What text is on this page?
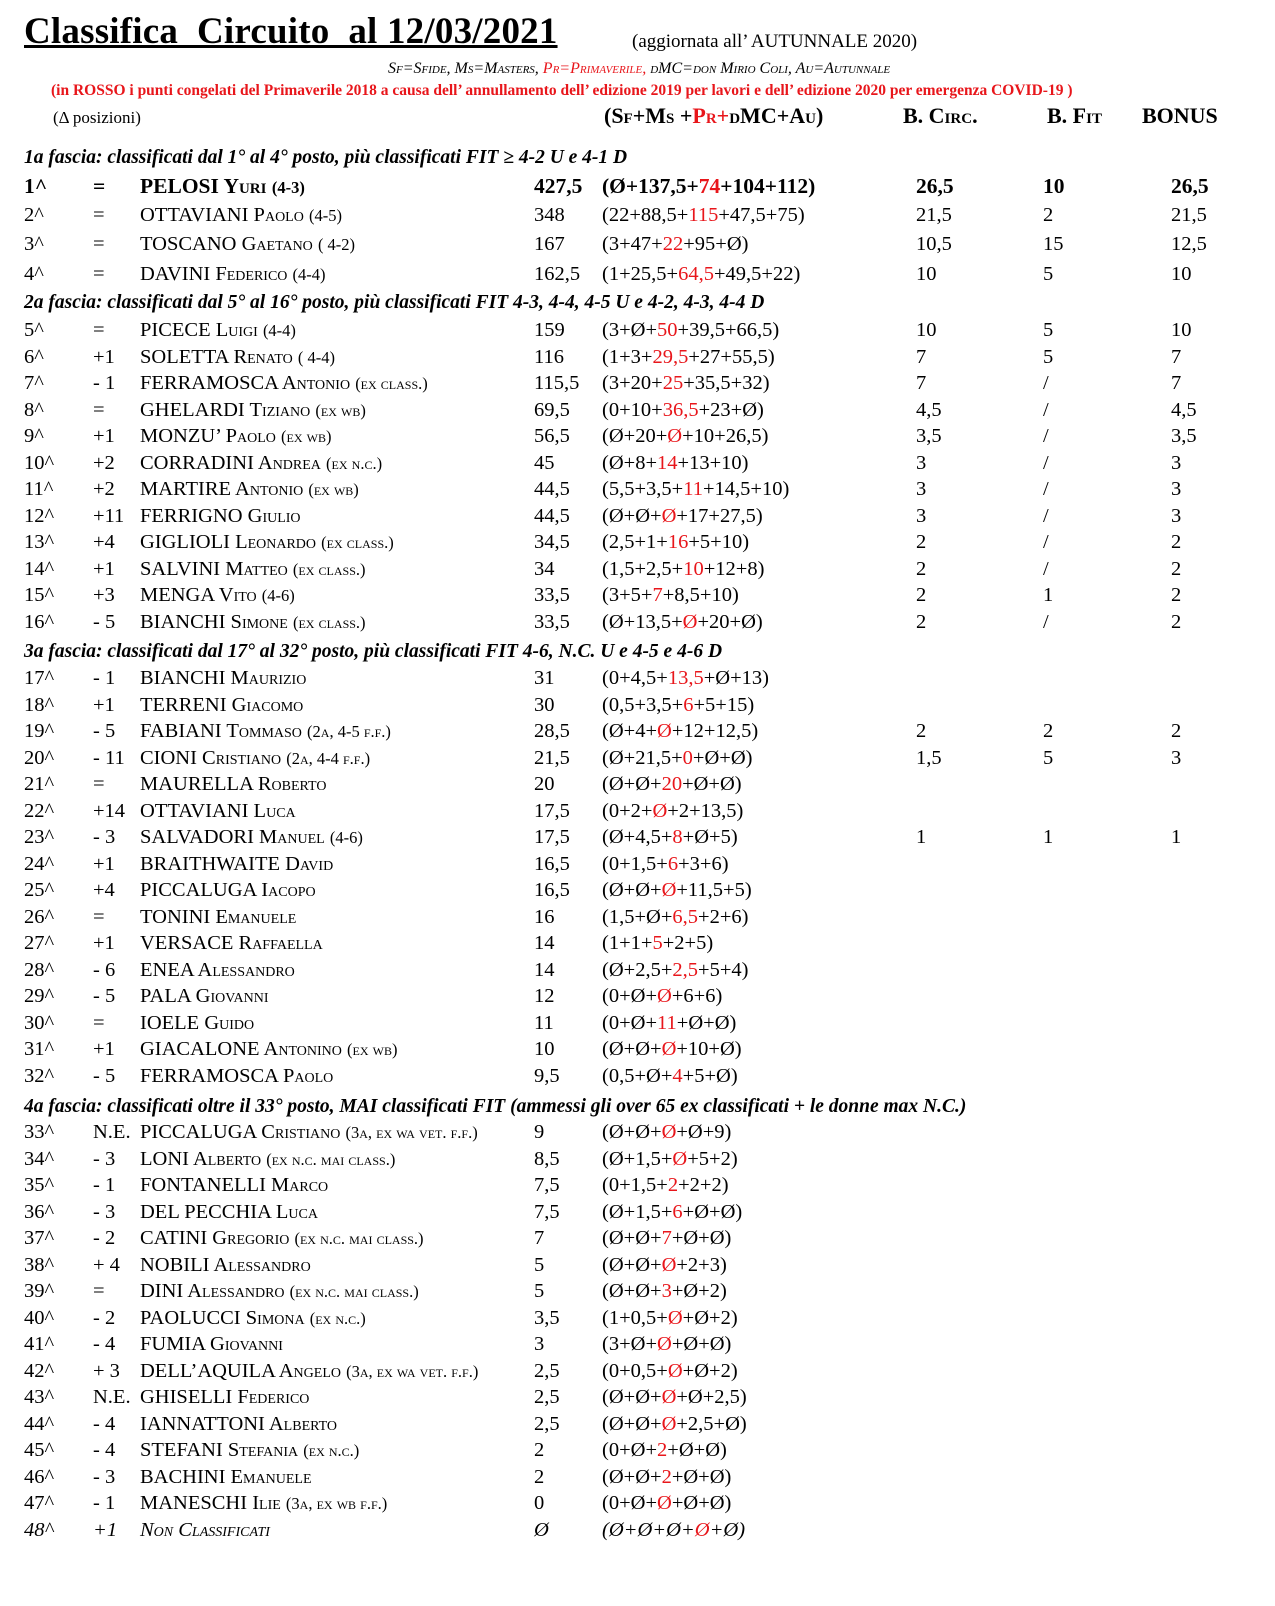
Classifica  Circuito  al 12/03/2021	(aggiornata all’ AUTUNNALE 2020)
Sf=Sfide, Ms=Masters, Pr=Primaverile, dMC=don Mirio Coli, Au=Autunnale
(in ROSSO i punti congelati del Primaverile 2018 a causa dell’ annullamento dell’ edizione 2019 per lavori e dell’ edizione 2020 per emergenza COVID-19 )
(Δ posizioni)	(Sf+Ms +Pr+dMC+Au)	B. Circ.	B. Fit BONUS
1a fascia: classificati dal 1° al 4° posto, più classificati FIT ≥ 4-2 U e 4-1 D
1^ = PELOSI Yuri (4-3)	427,5 (Ø+137,5+74+104+112)	26,5	10	26,5
2^ = OTTAVIANI Paolo (4-5)	348 (22+88,5+115+47,5+75)	21,5	2	21,5
3^ = TOSCANO Gaetano ( 4-2)	167 (3+47+22+95+Ø)	10,5	15	12,5
4^ = DAVINI Federico (4-4)	162,5 (1+25,5+64,5+49,5+22)	10	5	10
2a fascia: classificati dal 5° al 16° posto, più classificati FIT 4-3, 4-4, 4-5 U e 4-2, 4-3, 4-4 D
5^ = PICECE Luigi (4-4)	159 (3+Ø+50+39,5+66,5)	10	5	10
6^ +1 SOLETTA Renato ( 4-4)	116 (1+3+29,5+27+55,5)	7	5	7
7^ - 1 FERRAMOSCA Antonio (ex class.)	115,5 (3+20+25+35,5+32)	7	/	7
8^ = GHELARDI Tiziano (ex wb)	69,5 (0+10+36,5+23+Ø)	4,5	/	4,5
9^ +1 MONZU’ Paolo (ex wb)	56,5 (Ø+20+Ø+10+26,5)	3,5	/	3,5
10^ +2 CORRADINI Andrea (ex n.c.)	45 (Ø+8+14+13+10)	3	/	3
11^ +2 MARTIRE Antonio (ex wb)	44,5 (5,5+3,5+11+14,5+10)	3	/	3
12^ +11 FERRIGNO Giulio	44,5 (Ø+Ø+Ø+17+27,5)	3	/	3
13^ +4 GIGLIOLI Leonardo (ex class.)	34,5 (2,5+1+16+5+10)	2	/	2
14^ +1 SALVINI Matteo (ex class.)	34 (1,5+2,5+10+12+8)	2	/	2
15^ +3 MENGA Vito (4-6)	33,5 (3+5+7+8,5+10)	2	1	2
16^ - 5 BIANCHI Simone (ex class.)	33,5 (Ø+13,5+Ø+20+Ø)	2	/	2
3a fascia: classificati dal 17° al 32° posto, più classificati FIT 4-6, N.C. U e 4-5 e 4-6 D
17^ - 1 BIANCHI Maurizio	31 (0+4,5+13,5+Ø+13)
18^ +1 TERRENI Giacomo	30 (0,5+3,5+6+5+15)
19^ - 5 FABIANI Tommaso (2a, 4-5 f.f.)	28,5 (Ø+4+Ø+12+12,5)	2	2	2
20^ - 11 CIONI Cristiano (2a, 4-4 f.f.)	21,5 (Ø+21,5+0+Ø+Ø)	1,5	5	3
21^ = MAURELLA Roberto	20 (Ø+Ø+20+Ø+Ø)
22^ +14 OTTAVIANI Luca	17,5 (0+2+Ø+2+13,5)
23^ - 3 SALVADORI Manuel (4-6)	17,5 (Ø+4,5+8+Ø+5)	1	1	1
24^ +1 BRAITHWAITE David	16,5 (0+1,5+6+3+6)
25^ +4 PICCALUGA Iacopo	16,5 (Ø+Ø+Ø+11,5+5)
26^ = TONINI Emanuele	16 (1,5+Ø+6,5+2+6)
27^ +1 VERSACE Raffaella	14 (1+1+5+2+5)
28^ - 6 ENEA Alessandro	14 (Ø+2,5+2,5+5+4)
29^ - 5 PALA Giovanni	12 (0+Ø+Ø+6+6)
30^ = IOELE Guido	11 (0+Ø+11+Ø+Ø)
31^ +1 GIACALONE Antonino (ex wb)	10 (Ø+Ø+Ø+10+Ø)
32^ - 5 FERRAMOSCA Paolo	9,5 (0,5+Ø+4+5+Ø)
4a fascia: classificati oltre il 33° posto, MAI classificati FIT (ammessi gli over 65 ex classificati + le donne max N.C.)
33^ N.E. PICCALUGA Cristiano (3a, ex wa vet. f.f.)	9	(Ø+Ø+Ø+Ø+9)
34^ - 3 LONI Alberto (ex n.c. mai class.)	8,5 (Ø+1,5+Ø+5+2)
35^ - 1 FONTANELLI Marco	7,5 (0+1,5+2+2+2)
36^ - 3 DEL PECCHIA Luca	7,5 (Ø+1,5+6+Ø+Ø)
37^ - 2 CATINI Gregorio (ex n.c. mai class.)	7	(Ø+Ø+7+Ø+Ø)
38^ + 4 NOBILI Alessandro	5	(Ø+Ø+Ø+2+3)
39^ = DINI Alessandro (ex n.c. mai class.)	5	(Ø+Ø+3+Ø+2)
40^ - 2 PAOLUCCI Simona (ex n.c.)	3,5 (1+0,5+Ø+Ø+2)
41^ - 4 FUMIA Giovanni	3	(3+Ø+Ø+Ø+Ø)
42^ + 3 DELL’AQUILA Angelo (3a, ex wa vet. f.f.)	2,5 (0+0,5+Ø+Ø+2)
43^ N.E. GHISELLI Federico	2,5 (Ø+Ø+Ø+Ø+2,5)
44^ - 4 IANNATTONI Alberto	2,5 (Ø+Ø+Ø+2,5+Ø)
45^ - 4 STEFANI Stefania (ex n.c.)	2	(0+Ø+2+Ø+Ø)
46^ - 3 BACHINI Emanuele	2	(Ø+Ø+2+Ø+Ø)
47^ - 1 MANESCHI Ilie (3a, ex wb f.f.)	0	(0+Ø+Ø+Ø+Ø)
48^ +1 Non Classificati	Ø	(Ø+Ø+Ø+Ø+Ø)
